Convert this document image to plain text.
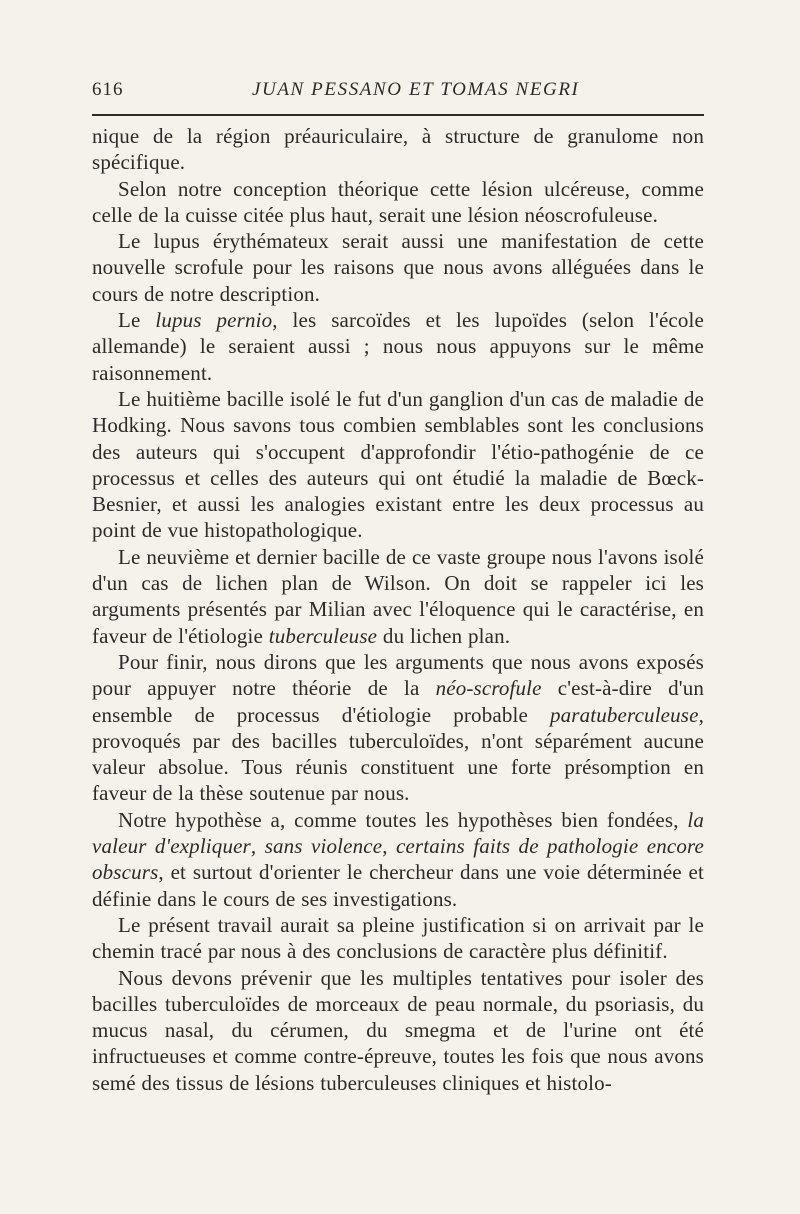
616	JUAN PESSANO ET TOMAS NEGRI

nique de la région préauriculaire, à structure de granulome non spécifique.

Selon notre conception théorique cette lésion ulcéreuse, comme celle de la cuisse citée plus haut, serait une lésion néoscrofuleuse.

Le lupus érythémateux serait aussi une manifestation de cette nouvelle scrofule pour les raisons que nous avons alléguées dans le cours de notre description.

Le lupus pernio, les sarcoïdes et les lupoïdes (selon l'école allemande) le seraient aussi ; nous nous appuyons sur le même raisonnement.

Le huitième bacille isolé le fut d'un ganglion d'un cas de maladie de Hodking. Nous savons tous combien semblables sont les conclusions des auteurs qui s'occupent d'approfondir l'étio-pathogénie de ce processus et celles des auteurs qui ont étudié la maladie de Bœck-Besnier, et aussi les analogies existant entre les deux processus au point de vue histopathologique.

Le neuvième et dernier bacille de ce vaste groupe nous l'avons isolé d'un cas de lichen plan de Wilson. On doit se rappeler ici les arguments présentés par Milian avec l'éloquence qui le caractérise, en faveur de l'étiologie tuberculeuse du lichen plan.

Pour finir, nous dirons que les arguments que nous avons exposés pour appuyer notre théorie de la néo-scrofule c'est-à-dire d'un ensemble de processus d'étiologie probable paratuberculeuse, provoqués par des bacilles tuberculoïdes, n'ont séparément aucune valeur absolue. Tous réunis constituent une forte présomption en faveur de la thèse soutenue par nous.

Notre hypothèse a, comme toutes les hypothèses bien fondées, la valeur d'expliquer, sans violence, certains faits de pathologie encore obscurs, et surtout d'orienter le chercheur dans une voie déterminée et définie dans le cours de ses investigations.

Le présent travail aurait sa pleine justification si on arrivait par le chemin tracé par nous à des conclusions de caractère plus définitif.

Nous devons prévenir que les multiples tentatives pour isoler des bacilles tuberculoïdes de morceaux de peau normale, du psoriasis, du mucus nasal, du cérumen, du smegma et de l'urine ont été infructueuses et comme contre-épreuve, toutes les fois que nous avons semé des tissus de lésions tuberculeuses cliniques et histolo-
